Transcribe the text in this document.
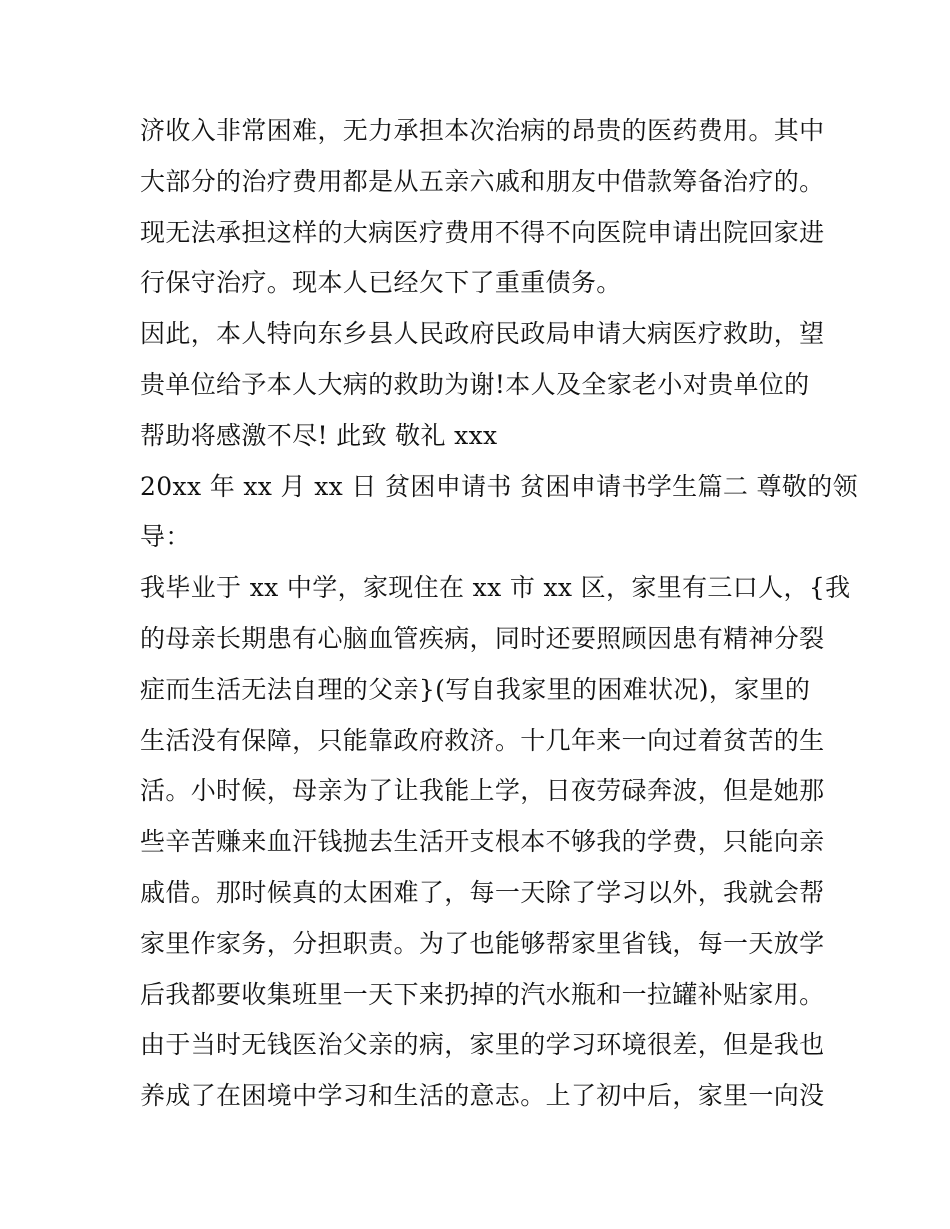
济收入非常困难，无力承担本次治病的昂贵的医药费用。其中
大部分的治疗费用都是从五亲六戚和朋友中借款筹备治疗的。
现无法承担这样的大病医疗费用不得不向医院申请出院回家进
行保守治疗。现本人已经欠下了重重债务。
因此，本人特向东乡县人民政府民政局申请大病医疗救助，望
贵单位给予本人大病的救助为谢!本人及全家老小对贵单位的
帮助将感激不尽! 此致 敬礼 xxx
20xx 年 xx 月 xx 日 贫困申请书 贫困申请书学生篇二 尊敬的领
导：
我毕业于 xx 中学，家现住在 xx 市 xx 区，家里有三口人，{我
的母亲长期患有心脑血管疾病，同时还要照顾因患有精神分裂
症而生活无法自理的父亲}(写自我家里的困难状况)，家里的
生活没有保障，只能靠政府救济。十几年来一向过着贫苦的生
活。小时候，母亲为了让我能上学，日夜劳碌奔波，但是她那
些辛苦赚来血汗钱抛去生活开支根本不够我的学费，只能向亲
戚借。那时候真的太困难了，每一天除了学习以外，我就会帮
家里作家务，分担职责。为了也能够帮家里省钱，每一天放学
后我都要收集班里一天下来扔掉的汽水瓶和一拉罐补贴家用。
由于当时无钱医治父亲的病，家里的学习环境很差，但是我也
养成了在困境中学习和生活的意志。上了初中后，家里一向没
